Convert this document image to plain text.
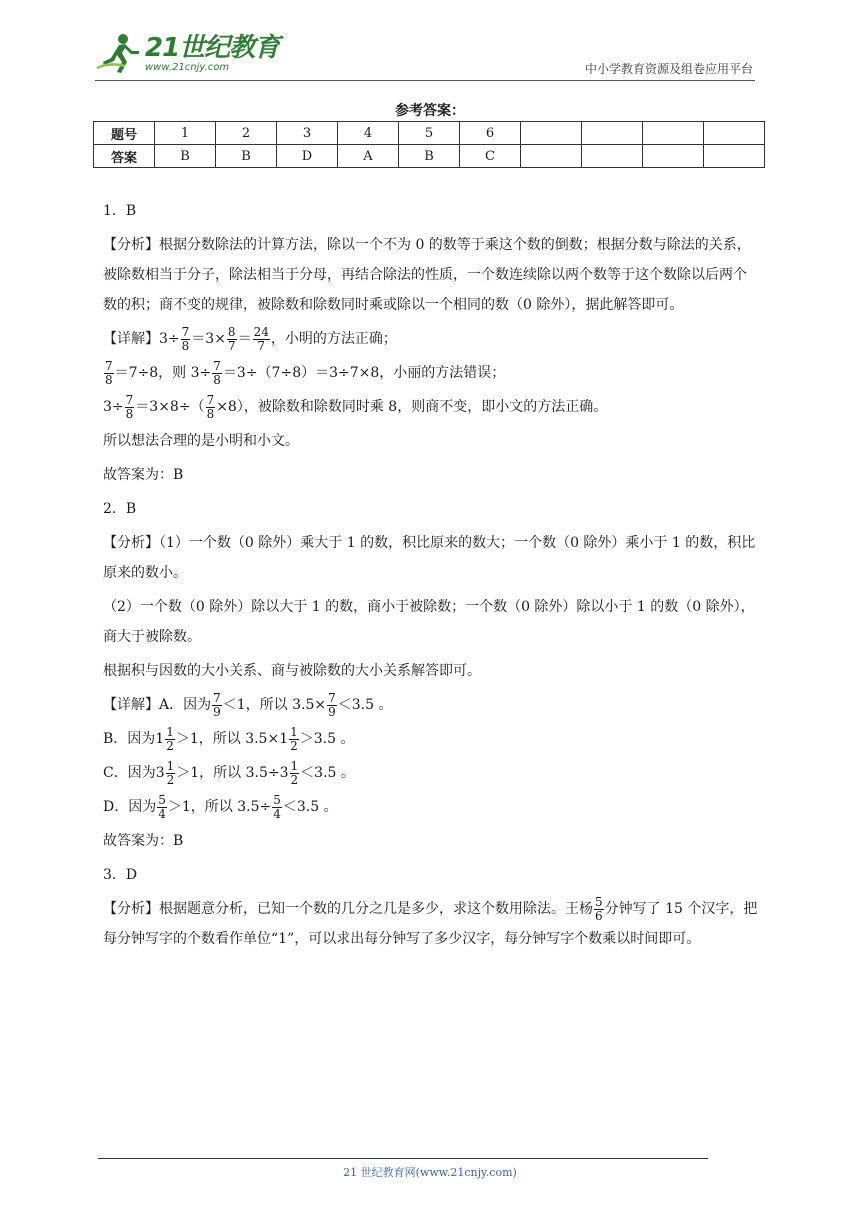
21世纪教育
www.21cnjy.com	中小学教育资源及组卷应用平台
参考答案：
题号	1	2	3	4	5	6				
答案	B	B	D	A	B	C				

1．B

【分析】根据分数除法的计算方法，除以一个不为 0 的数等于乘这个数的倒数；根据分数与除法的关系，被除数相当于分子，除法相当于分母，再结合除法的性质，一个数连续除以两个数等于这个数除以后两个数的积；商不变的规律，被除数和除数同时乘或除以一个相同的数（0 除外），据此解答即可。

【详解】$3\div \frac{7}{8} =3\times \frac{8}{7} = \frac{24}{7}$ ，小明的方法正确；

$\frac{7}{8} =7\div 8$，则 $3\div \frac{7}{8} =3\div(7\div 8)=3\div 7\times 8$，小丽的方法错误；

$3\div \frac{7}{8} =3\times 8\div( \frac{7}{8} \times 8)$，被除数和除数同时乘 8，则商不变，即小文的方法正确。

所以想法合理的是小明和小文。

故答案为：B

2．B

【分析】（1）一个数（0 除外）乘大于 1 的数，积比原来的数大；一个数（0 除外）乘小于 1 的数，积比原来的数小。

（2）一个数（0 除外）除以大于 1 的数，商小于被除数；一个数（0 除外）除以小于 1 的数（0 除外），商大于被除数。

根据积与因数的大小关系、商与被除数的大小关系解答即可。

【详解】A．因为 $\frac{7}{9} <1$，所以 $3.5\times \frac{7}{9} <3.5$ 。

B．因为$1 \frac{1}{2} >1$，所以 $3.5\times 1 \frac{1}{2} >3.5$ 。

C．因为$3 \frac{1}{2} >1$，所以 $3.5\div 3 \frac{1}{2} <3.5$ 。

D．因为 $\frac{5}{4} >1$，所以 $3.5\div \frac{5}{4} <3.5$ 。

故答案为：B

3．D

【分析】根据题意分析，已知一个数的几分之几是多少，求这个数用除法。王杨 $\frac{5}{6}$ 分钟写了 15 个汉字，把每分钟写字的个数看作单位“1”，可以求出每分钟写了多少汉字，每分钟写字个数乘以时间即可。

21 世纪教育网(www.21cnjy.com)
